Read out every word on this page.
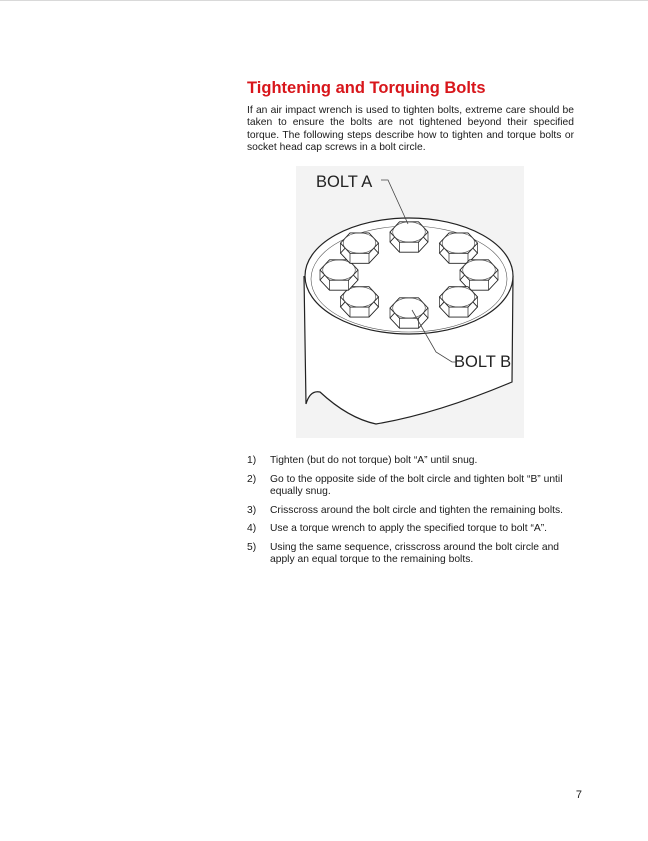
Tightening and Torquing Bolts

If an air impact wrench is used to tighten bolts, extreme care should be taken to ensure the bolts are not tightened beyond their specified torque. The following steps describe how to tighten and torque bolts or socket head cap screws in a bolt circle.

BOLT A
BOLT B
1) Tighten (but do not torque) bolt “A” until snug.
2) Go to the opposite side of the bolt circle and tighten bolt “B” until equally snug.
3) Crisscross around the bolt circle and tighten the remaining bolts.
4) Use a torque wrench to apply the specified torque to bolt “A”.
5) Using the same sequence, crisscross around the bolt circle and apply an equal torque to the remaining bolts.
7
